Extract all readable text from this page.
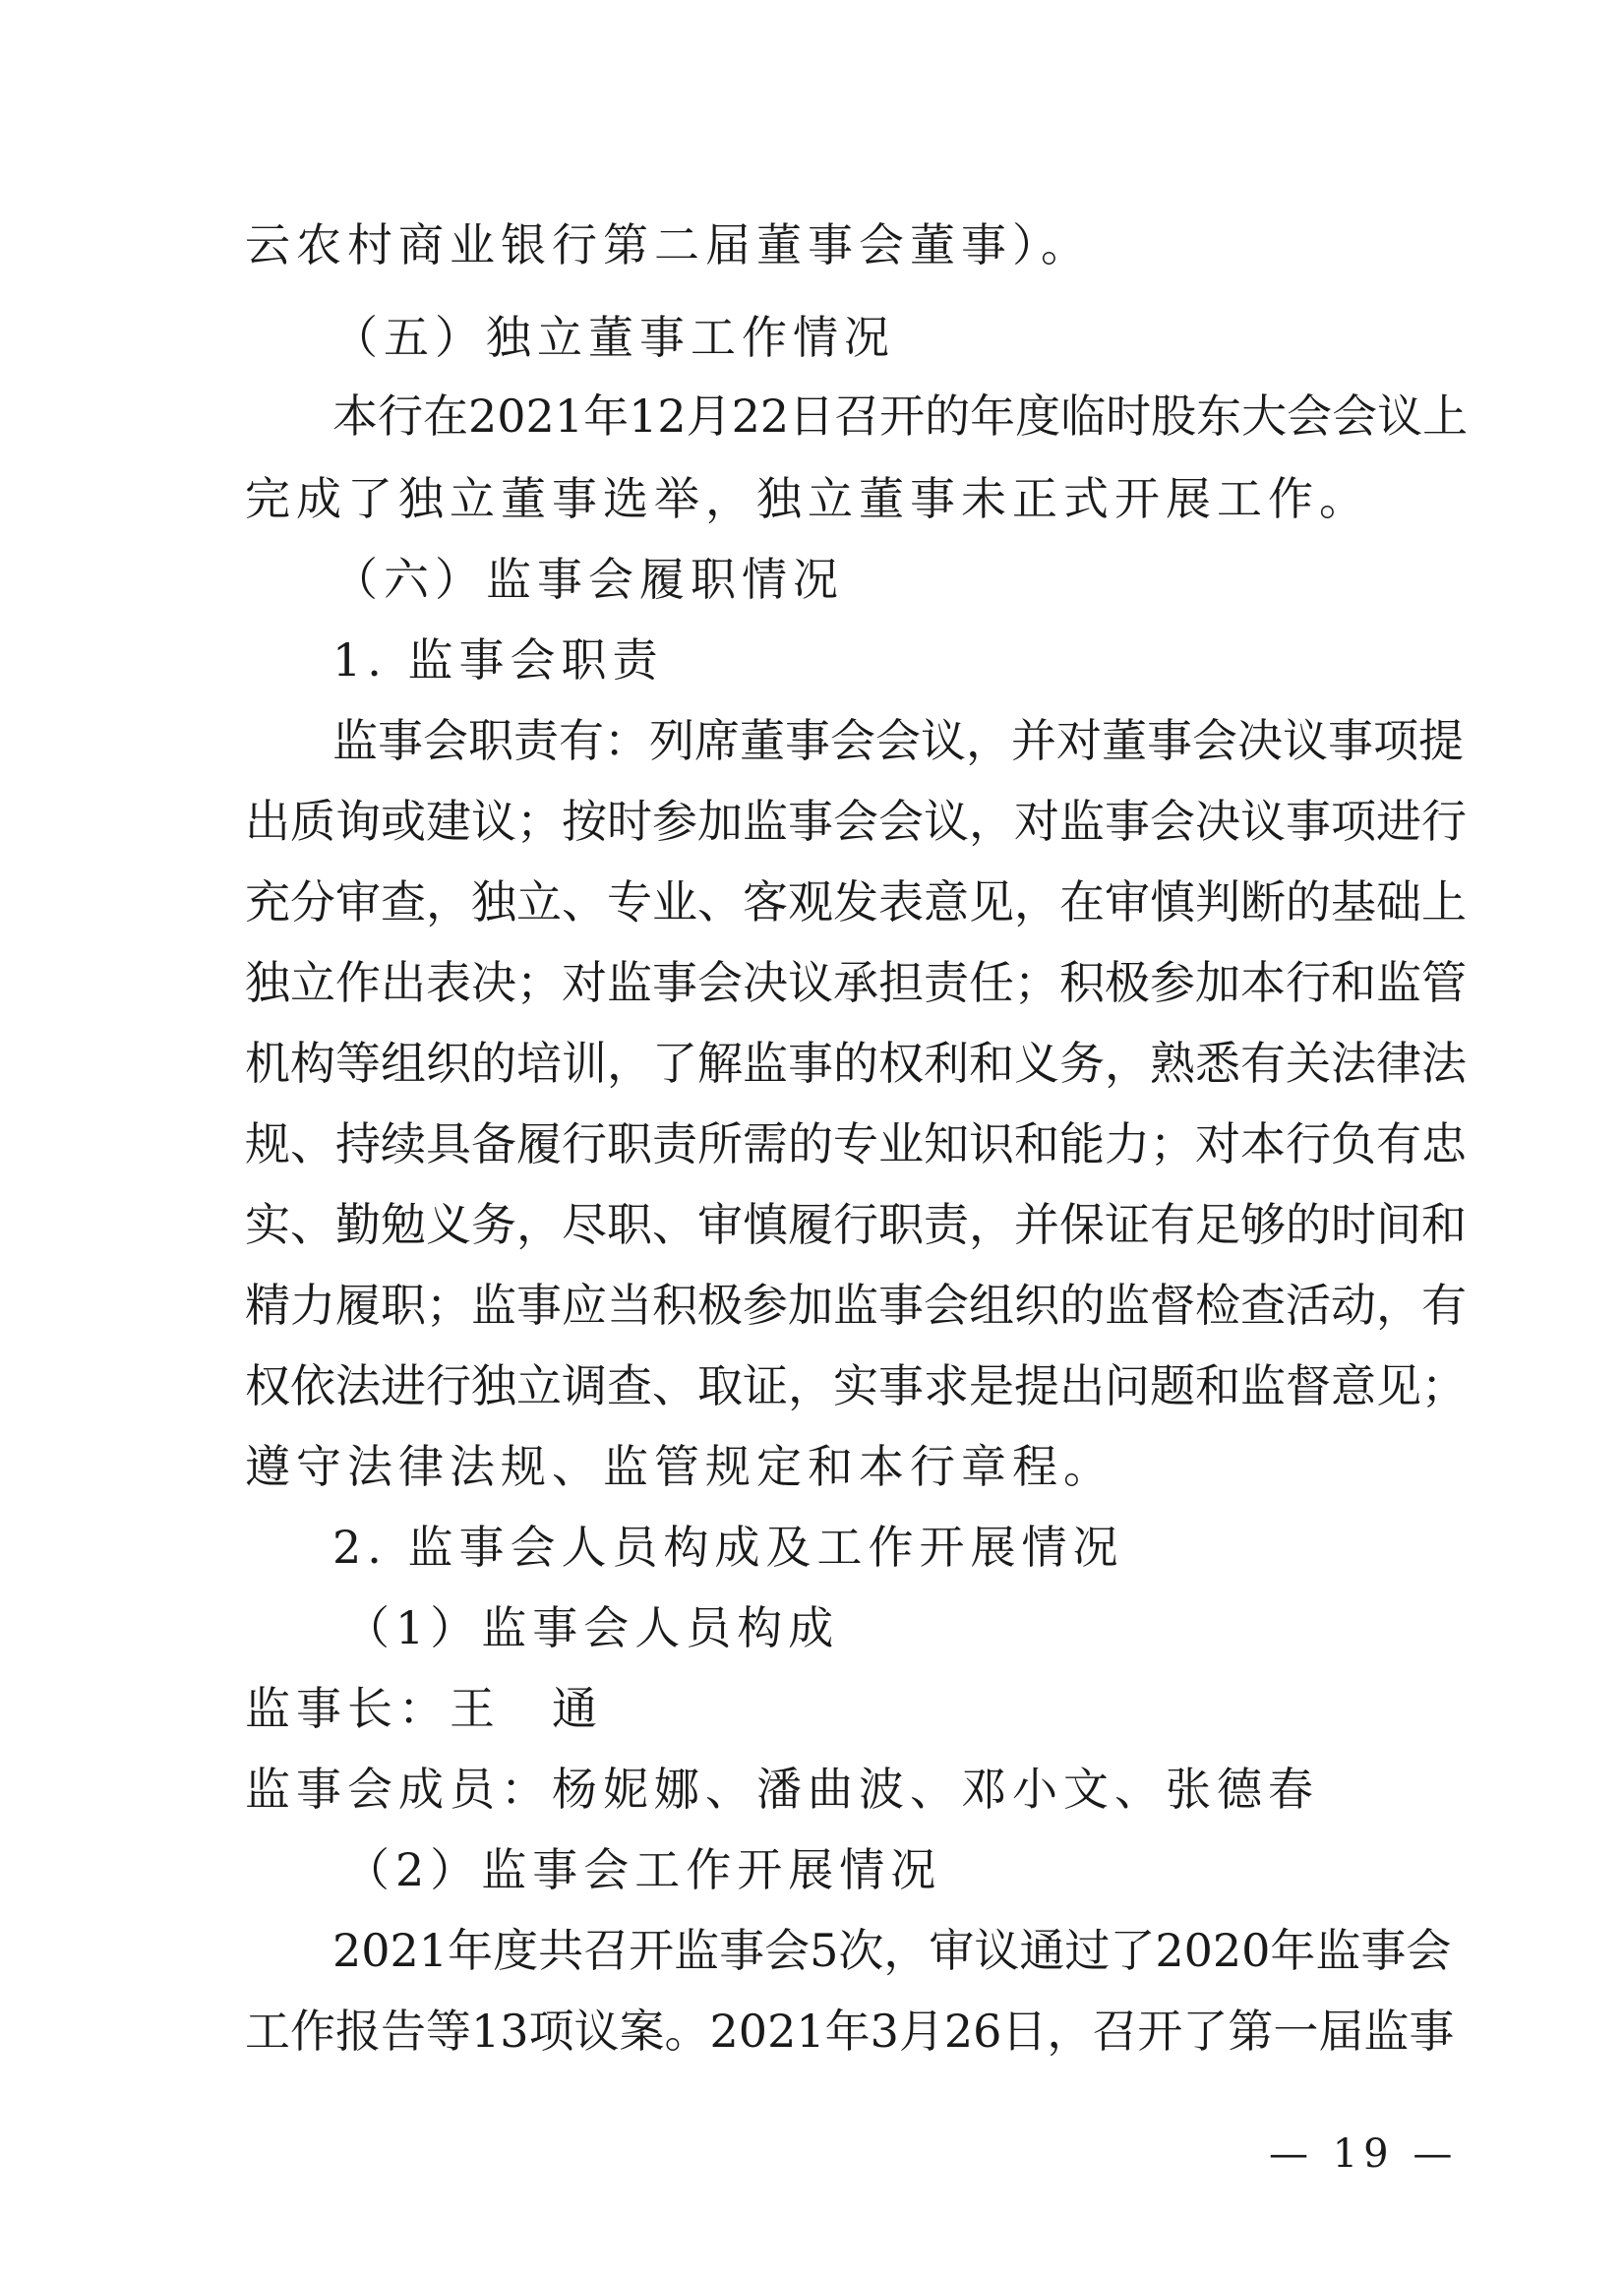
云农村商业银行第二届董事会董事）。
（五）独立董事工作情况
本行在2021年12月22日召开的年度临时股东大会会议上
完成了独立董事选举，独立董事未正式开展工作。
（六）监事会履职情况
1. 监事会职责
监事会职责有：列席董事会会议，并对董事会决议事项提
出质询或建议；按时参加监事会会议，对监事会决议事项进行
充分审查，独立、专业、客观发表意见，在审慎判断的基础上
独立作出表决；对监事会决议承担责任；积极参加本行和监管
机构等组织的培训，了解监事的权利和义务，熟悉有关法律法
规、持续具备履行职责所需的专业知识和能力；对本行负有忠
实、勤勉义务，尽职、审慎履行职责，并保证有足够的时间和
精力履职；监事应当积极参加监事会组织的监督检查活动，有
权依法进行独立调查、取证，实事求是提出问题和监督意见；
遵守法律法规、监管规定和本行章程。
2. 监事会人员构成及工作开展情况
（1）监事会人员构成
监事长：王　通
监事会成员：杨妮娜、潘曲波、邓小文、张德春
（2）监事会工作开展情况
2021年度共召开监事会5次，审议通过了2020年监事会
工作报告等13项议案。2021年3月26日，召开了第一届监事
— 19 —
